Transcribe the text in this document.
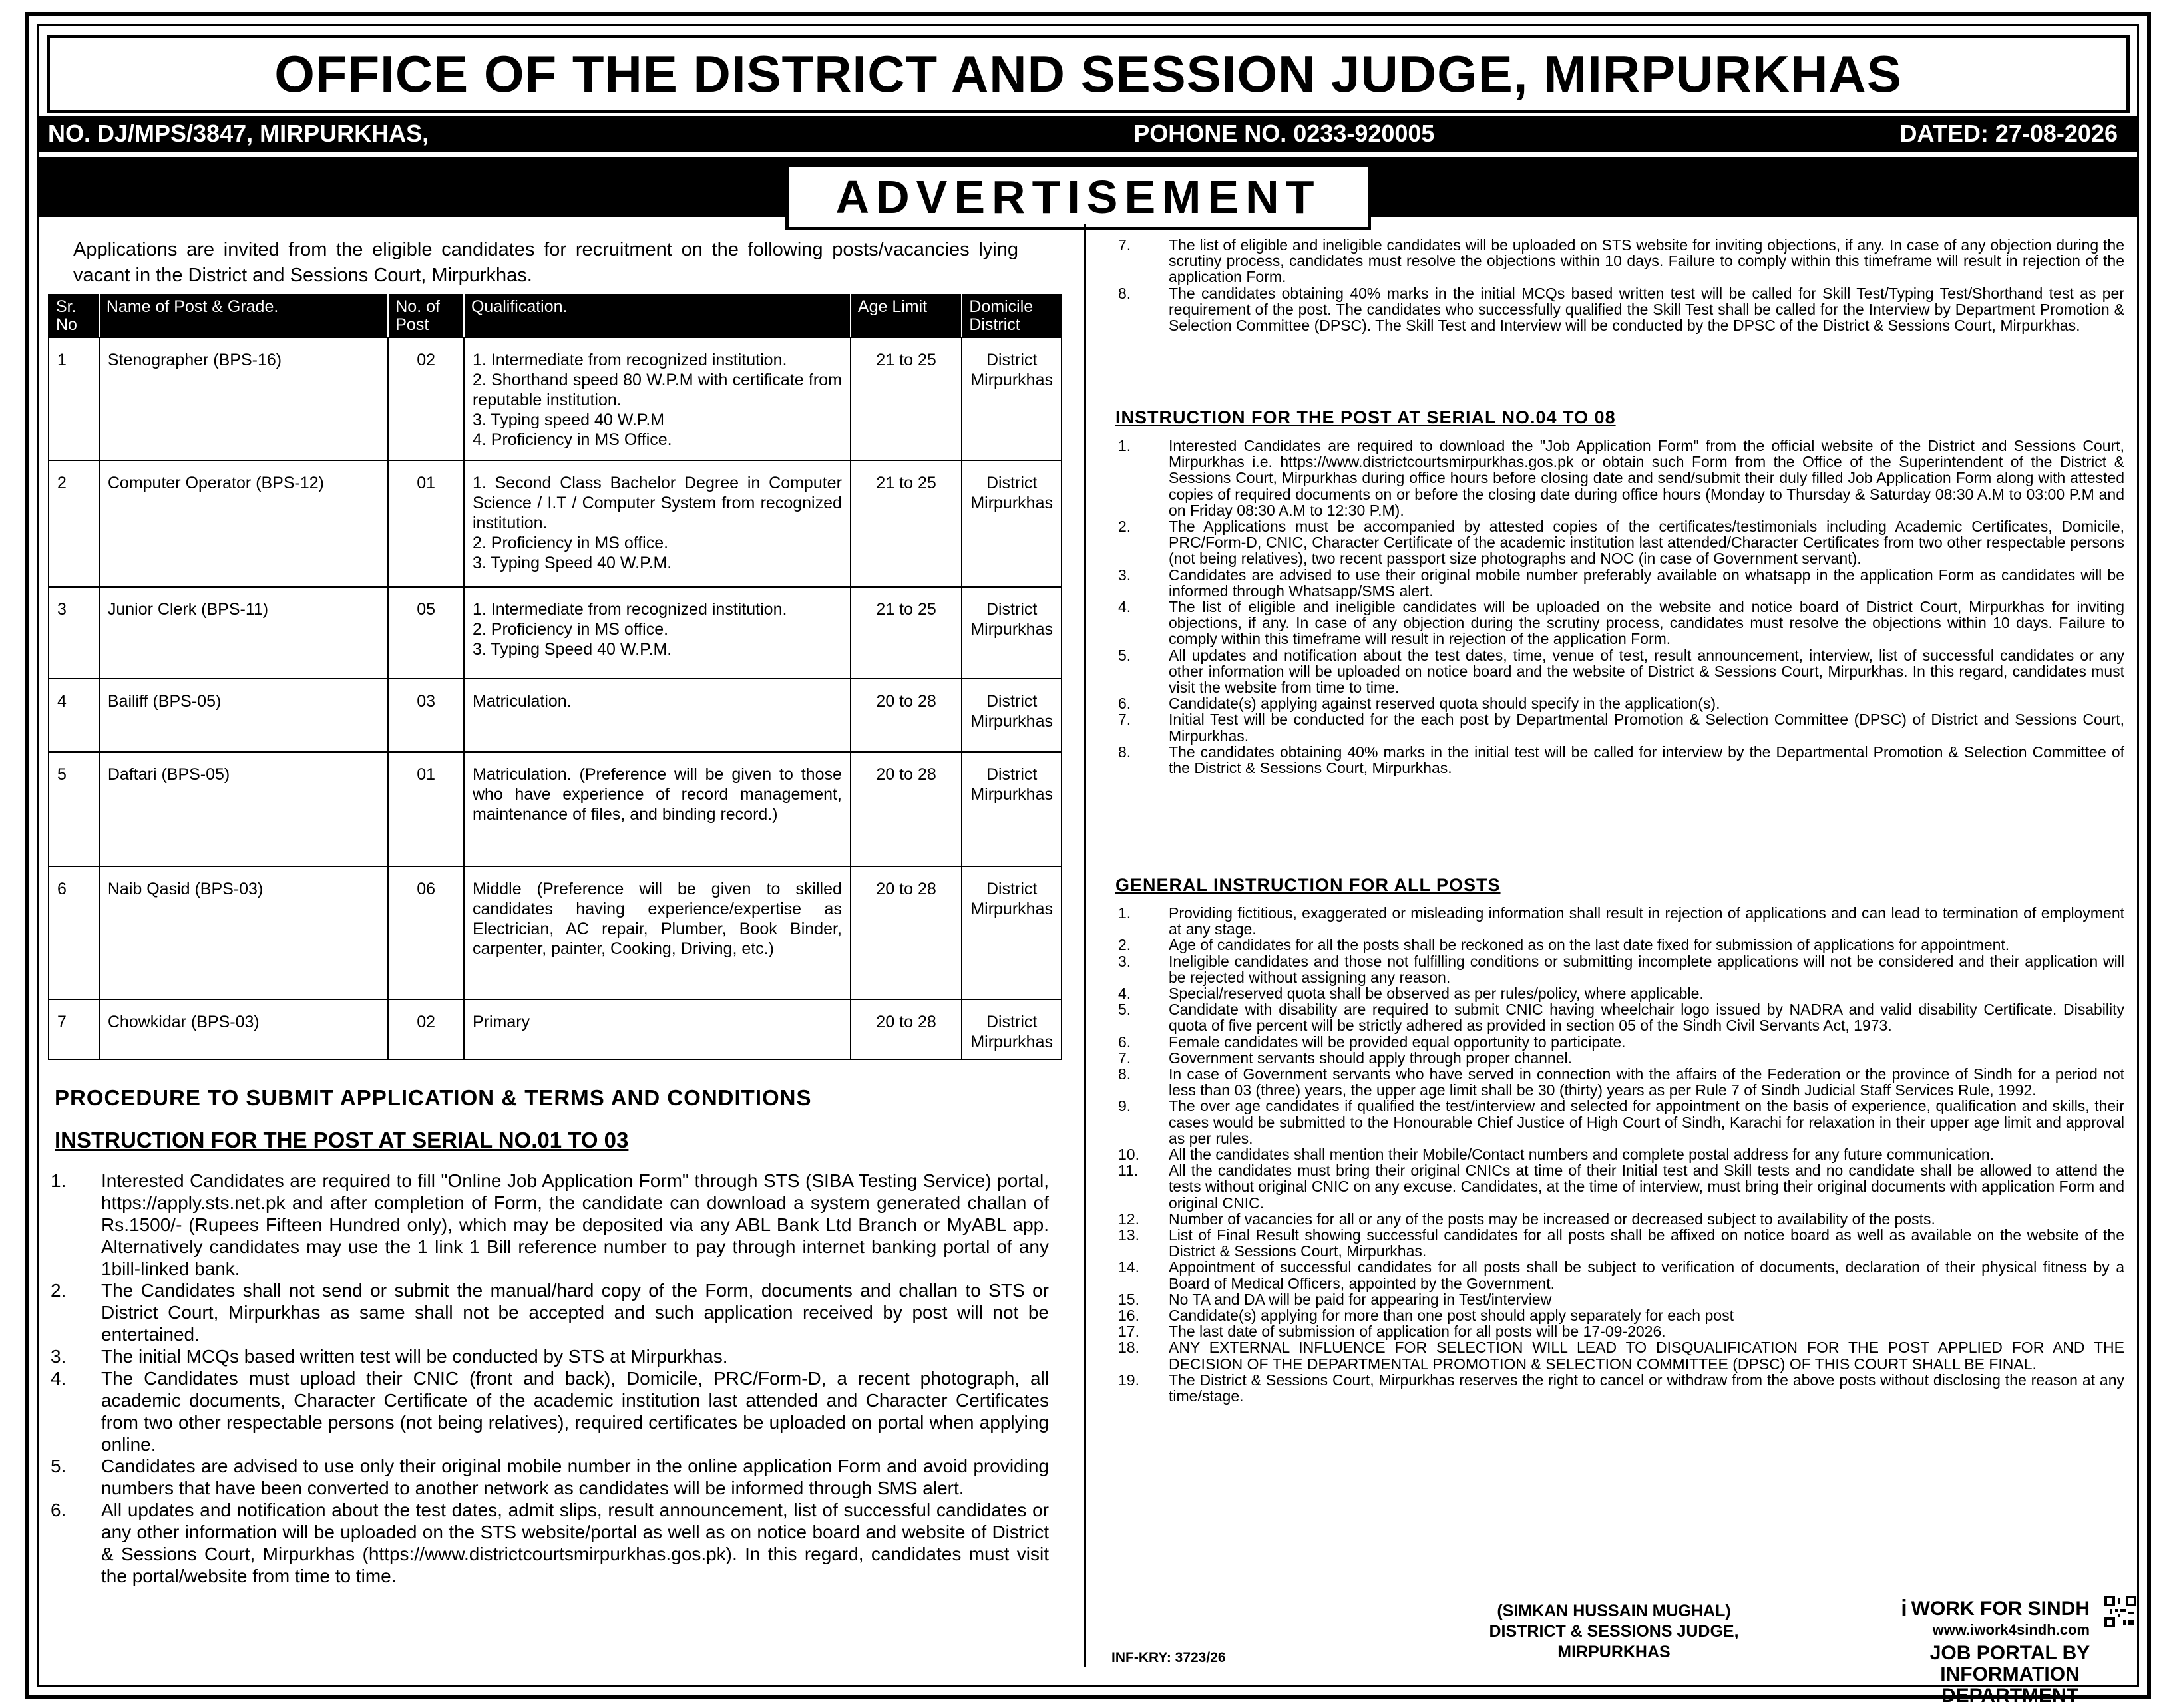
OFFICE OF THE DISTRICT AND SESSION JUDGE, MIRPURKHAS
NO. DJ/MPS/3847, MIRPURKHAS,	POHONE NO. 0233-920005	DATED: 27-08-2026
ADVERTISEMENT

Applications are invited from the eligible candidates for recruitment on the following posts/vacancies lying vacant in the District and Sessions Court, Mirpurkhas.

Sr. No	Name of Post & Grade.	No. of Post	Qualification.	Age Limit	Domicile District
1	Stenographer (BPS-16)	02	1. Intermediate from recognized institution.
2. Shorthand speed 80 W.P.M with certificate from reputable institution.
3. Typing speed 40 W.P.M
4. Proficiency in MS Office.	21 to 25	District Mirpurkhas
2	Computer Operator (BPS-12)	01	1. Second Class Bachelor Degree in Computer Science / I.T / Computer System from recognized institution.
2. Proficiency in MS office.
3. Typing Speed 40 W.P.M.	21 to 25	District Mirpurkhas
3	Junior Clerk (BPS-11)	05	1. Intermediate from recognized institution.
2. Proficiency in MS office.
3. Typing Speed 40 W.P.M.	21 to 25	District Mirpurkhas
4	Bailiff (BPS-05)	03	Matriculation.	20 to 28	District Mirpurkhas
5	Daftari (BPS-05)	01	Matriculation. (Preference will be given to those who have experience of record management, maintenance of files, and binding record.)	20 to 28	District Mirpurkhas
6	Naib Qasid (BPS-03)	06	Middle (Preference will be given to skilled candidates having experience/expertise as Electrician, AC repair, Plumber, Book Binder, carpenter, painter, Cooking, Driving, etc.)	20 to 28	District Mirpurkhas
7	Chowkidar (BPS-03)	02	Primary	20 to 28	District Mirpurkhas
PROCEDURE TO SUBMIT APPLICATION & TERMS AND CONDITIONS
INSTRUCTION FOR THE POST AT SERIAL NO.01 TO 03
1. Interested Candidates are required to fill "Online Job Application Form" through STS (SIBA Testing Service) portal, https://apply.sts.net.pk and after completion of Form, the candidate can download a system generated challan of Rs.1500/- (Rupees Fifteen Hundred only), which may be deposited via any ABL Bank Ltd Branch or MyABL app. Alternatively candidates may use the 1 link 1 Bill reference number to pay through internet banking portal of any 1bill-linked bank.
2. The Candidates shall not send or submit the manual/hard copy of the Form, documents and challan to STS or District Court, Mirpurkhas as same shall not be accepted and such application received by post will not be entertained.
3. The initial MCQs based written test will be conducted by STS at Mirpurkhas.
4. The Candidates must upload their CNIC (front and back), Domicile, PRC/Form-D, a recent photograph, all academic documents, Character Certificate of the academic institution last attended and Character Certificates from two other respectable persons (not being relatives), required certificates be uploaded on portal when applying online.
5. Candidates are advised to use only their original mobile number in the online application Form and avoid providing numbers that have been converted to another network as candidates will be informed through SMS alert.
6. All updates and notification about the test dates, admit slips, result announcement, list of successful candidates or any other information will be uploaded on the STS website/portal as well as on notice board and website of District & Sessions Court, Mirpurkhas (https://www.districtcourtsmirpurkhas.gos.pk). In this regard, candidates must visit the portal/website from time to time.
7. The list of eligible and ineligible candidates will be uploaded on STS website for inviting objections, if any. In case of any objection during the scrutiny process, candidates must resolve the objections within 10 days. Failure to comply within this timeframe will result in rejection of the application Form.
8. The candidates obtaining 40% marks in the initial MCQs based written test will be called for Skill Test/Typing Test/Shorthand test as per requirement of the post. The candidates who successfully qualified the Skill Test shall be called for the Interview by Department Promotion & Selection Committee (DPSC). The Skill Test and Interview will be conducted by the DPSC of the District & Sessions Court, Mirpurkhas.
INSTRUCTION FOR THE POST AT SERIAL NO.04 TO 08
1. Interested Candidates are required to download the "Job Application Form" from the official website of the District and Sessions Court, Mirpurkhas i.e. https://www.districtcourtsmirpurkhas.gos.pk or obtain such Form from the Office of the Superintendent of the District & Sessions Court, Mirpurkhas during office hours before closing date and send/submit their duly filled Job Application Form along with attested copies of required documents on or before the closing date during office hours (Monday to Thursday & Saturday 08:30 A.M to 03:00 P.M and on Friday 08:30 A.M to 12:30 P.M).
2. The Applications must be accompanied by attested copies of the certificates/testimonials including Academic Certificates, Domicile, PRC/Form-D, CNIC, Character Certificate of the academic institution last attended/Character Certificates from two other respectable persons (not being relatives), two recent passport size photographs and NOC (in case of Government servant).
3. Candidates are advised to use their original mobile number preferably available on whatsapp in the application Form as candidates will be informed through Whatsapp/SMS alert.
4. The list of eligible and ineligible candidates will be uploaded on the website and notice board of District Court, Mirpurkhas for inviting objections, if any. In case of any objection during the scrutiny process, candidates must resolve the objections within 10 days. Failure to comply within this timeframe will result in rejection of the application Form.
5. All updates and notification about the test dates, time, venue of test, result announcement, interview, list of successful candidates or any other information will be uploaded on notice board and the website of District & Sessions Court, Mirpurkhas. In this regard, candidates must visit the website from time to time.
6. Candidate(s) applying against reserved quota should specify in the application(s).
7. Initial Test will be conducted for the each post by Departmental Promotion & Selection Committee (DPSC) of District and Sessions Court, Mirpurkhas.
8. The candidates obtaining 40% marks in the initial test will be called for interview by the Departmental Promotion & Selection Committee of the District & Sessions Court, Mirpurkhas.
GENERAL INSTRUCTION FOR ALL POSTS
1. Providing fictitious, exaggerated or misleading information shall result in rejection of applications and can lead to termination of employment at any stage.
2. Age of candidates for all the posts shall be reckoned as on the last date fixed for submission of applications for appointment.
3. Ineligible candidates and those not fulfilling conditions or submitting incomplete applications will not be considered and their application will be rejected without assigning any reason.
4. Special/reserved quota shall be observed as per rules/policy, where applicable.
5. Candidate with disability are required to submit CNIC having wheelchair logo issued by NADRA and valid disability Certificate. Disability quota of five percent will be strictly adhered as provided in section 05 of the Sindh Civil Servants Act, 1973.
6. Female candidates will be provided equal opportunity to participate.
7. Government servants should apply through proper channel.
8. In case of Government servants who have served in connection with the affairs of the Federation or the province of Sindh for a period not less than 03 (three) years, the upper age limit shall be 30 (thirty) years as per Rule 7 of Sindh Judicial Staff Services Rule, 1992.
9. The over age candidates if qualified the test/interview and selected for appointment on the basis of experience, qualification and skills, their cases would be submitted to the Honourable Chief Justice of High Court of Sindh, Karachi for relaxation in their upper age limit and approval as per rules.
10. All the candidates shall mention their Mobile/Contact numbers and complete postal address for any future communication.
11. All the candidates must bring their original CNICs at time of their Initial test and Skill tests and no candidate shall be allowed to attend the tests without original CNIC on any excuse. Candidates, at the time of interview, must bring their original documents with application Form and original CNIC.
12. Number of vacancies for all or any of the posts may be increased or decreased subject to availability of the posts.
13. List of Final Result showing successful candidates for all posts shall be affixed on notice board as well as available on the website of the District & Sessions Court, Mirpurkhas.
14. Appointment of successful candidates for all posts shall be subject to verification of documents, declaration of their physical fitness by a Board of Medical Officers, appointed by the Government.
15. No TA and DA will be paid for appearing in Test/interview
16. Candidate(s) applying for more than one post should apply separately for each post
17. The last date of submission of application for all posts will be 17-09-2026.
18. ANY EXTERNAL INFLUENCE FOR SELECTION WILL LEAD TO DISQUALIFICATION FOR THE POST APPLIED FOR AND THE DECISION OF THE DEPARTMENTAL PROMOTION & SELECTION COMMITTEE (DPSC) OF THIS COURT SHALL BE FINAL.
19. The District & Sessions Court, Mirpurkhas reserves the right to cancel or withdraw from the above posts without disclosing the reason at any time/stage.
(SIMKAN HUSSAIN MUGHAL)
DISTRICT & SESSIONS JUDGE,
MIRPURKHAS
INF-KRY: 3723/26
i WORK FOR SINDH
www.iwork4sindh.com
JOB PORTAL BY
INFORMATION DEPARTMENT
